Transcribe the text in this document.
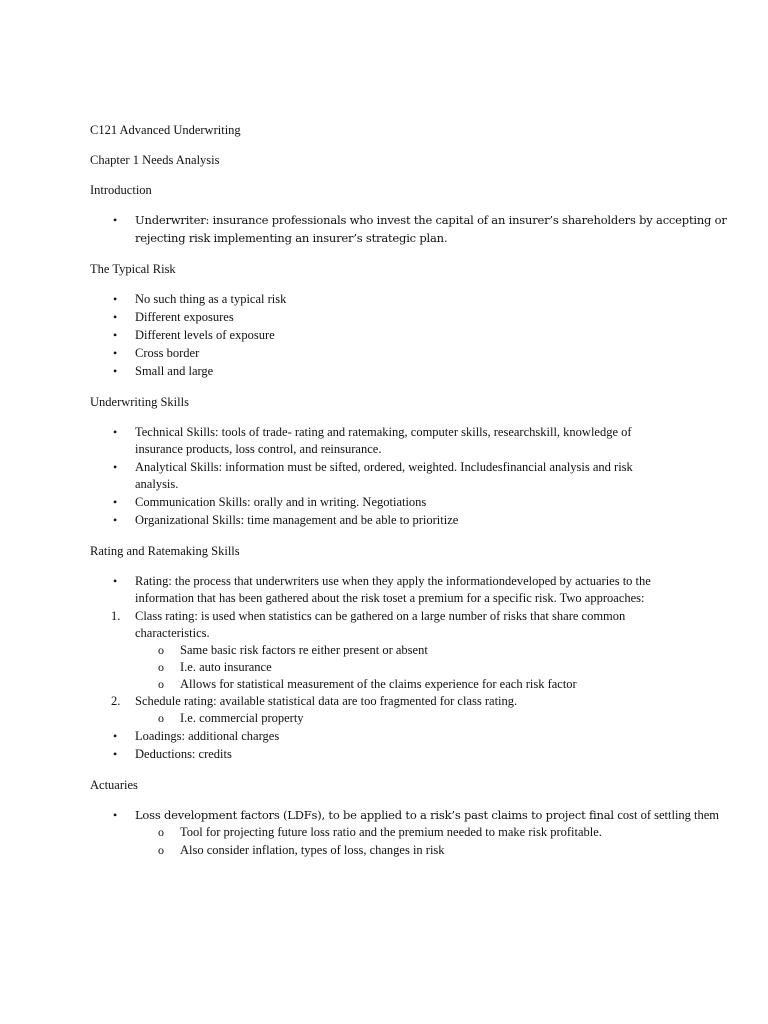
C121 Advanced Underwriting
Chapter 1 Needs Analysis
Introduction
•	Underwriter: insurance professionals who invest the capital of an insurer’s shareholders by accepting or
rejecting risk implementing an insurer’s strategic plan.
The Typical Risk
•	No such thing as a typical risk
•	Different exposures
•	Different levels of exposure
•	Cross border
•	Small and large
Underwriting Skills
•	Technical Skills: tools of trade- rating and ratemaking, computer skills, researchskill, knowledge of
insurance products, loss control, and reinsurance.
•	Analytical Skills: information must be sifted, ordered, weighted. Includesfinancial analysis and risk
analysis.
•	Communication Skills: orally and in writing. Negotiations
•	Organizational Skills: time management and be able to prioritize
Rating and Ratemaking Skills
•	Rating: the process that underwriters use when they apply the informationdeveloped by actuaries to the
information that has been gathered about the risk toset a premium for a specific risk. Two approaches:
1. Class rating: is used when statistics can be gathered on a large number of risks that share common
characteristics.
o Same basic risk factors re either present or absent
o I.e. auto insurance
o Allows for statistical measurement of the claims experience for each risk factor
2. Schedule rating: available statistical data are too fragmented for class rating.
o I.e. commercial property
•	Loadings: additional charges
•	Deductions: credits
Actuaries
•	Loss development factors (LDFs), to be applied to a risk’s past claims to project final cost of settling them
o Tool for projecting future loss ratio and the premium needed to make risk profitable.
o Also consider inflation, types of loss, changes in risk
